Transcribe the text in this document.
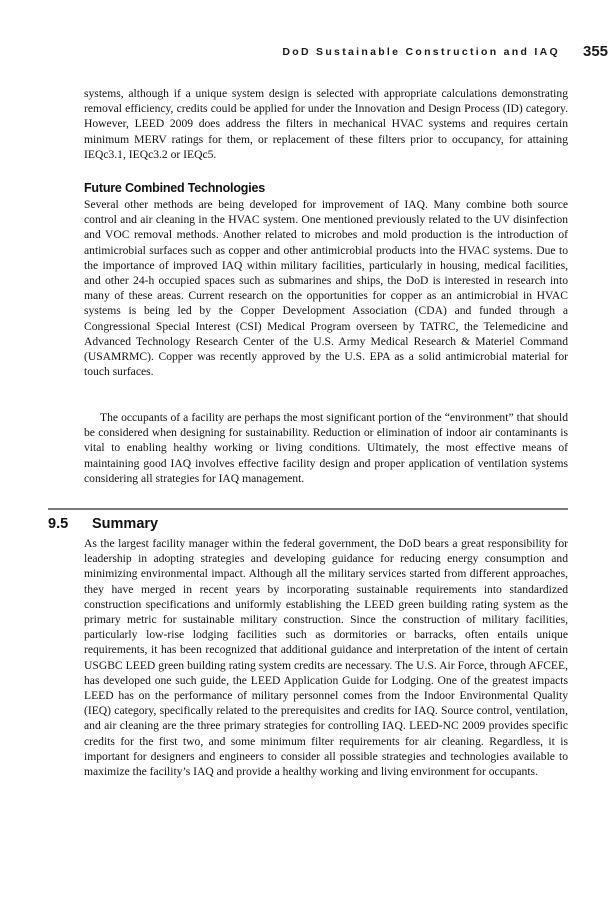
DoD Sustainable Construction and IAQ 355

systems, although if a unique system design is selected with appropriate calculations demonstrating removal efficiency, credits could be applied for under the Innovation and Design Process (ID) category. However, LEED 2009 does address the filters in mechanical HVAC systems and requires certain minimum MERV ratings for them, or replacement of these filters prior to occupancy, for attaining IEQc3.1, IEQc3.2 or IEQc5.

Future Combined Technologies

Several other methods are being developed for improvement of IAQ. Many combine both source control and air cleaning in the HVAC system. One mentioned previously related to the UV disinfection and VOC removal methods. Another related to microbes and mold production is the introduction of antimicrobial surfaces such as copper and other antimicrobial products into the HVAC systems. Due to the importance of improved IAQ within military facilities, particularly in housing, medical facilities, and other 24-h occupied spaces such as submarines and ships, the DoD is interested in research into many of these areas. Current research on the opportunities for copper as an antimicrobial in HVAC systems is being led by the Copper Development Association (CDA) and funded through a Congressional Special Interest (CSI) Medical Program overseen by TATRC, the Telemedicine and Advanced Technology Research Center of the U.S. Army Medical Research & Materiel Command (USAMRMC). Copper was recently approved by the U.S. EPA as a solid antimicrobial material for touch surfaces.

The occupants of a facility are perhaps the most significant portion of the “environment” that should be considered when designing for sustainability. Reduction or elimination of indoor air contaminants is vital to enabling healthy working or living conditions. Ultimately, the most effective means of maintaining good IAQ involves effective facility design and proper application of ventilation systems considering all strategies for IAQ management.

9.5 Summary

As the largest facility manager within the federal government, the DoD bears a great responsibility for leadership in adopting strategies and developing guidance for reducing energy consumption and minimizing environmental impact. Although all the military services started from different approaches, they have merged in recent years by incorporating sustainable requirements into standardized construction specifications and uniformly establishing the LEED green building rating system as the primary metric for sustainable military construction. Since the construction of military facilities, particularly low-rise lodging facilities such as dormitories or barracks, often entails unique requirements, it has been recognized that additional guidance and interpretation of the intent of certain USGBC LEED green building rating system credits are necessary. The U.S. Air Force, through AFCEE, has developed one such guide, the LEED Application Guide for Lodging. One of the greatest impacts LEED has on the performance of military personnel comes from the Indoor Environmental Quality (IEQ) category, specifically related to the prerequisites and credits for IAQ. Source control, ventilation, and air cleaning are the three primary strategies for controlling IAQ. LEED-NC 2009 provides specific credits for the first two, and some minimum filter requirements for air cleaning. Regardless, it is important for designers and engineers to consider all possible strategies and technologies available to maximize the facility’s IAQ and provide a healthy working and living environment for occupants.
